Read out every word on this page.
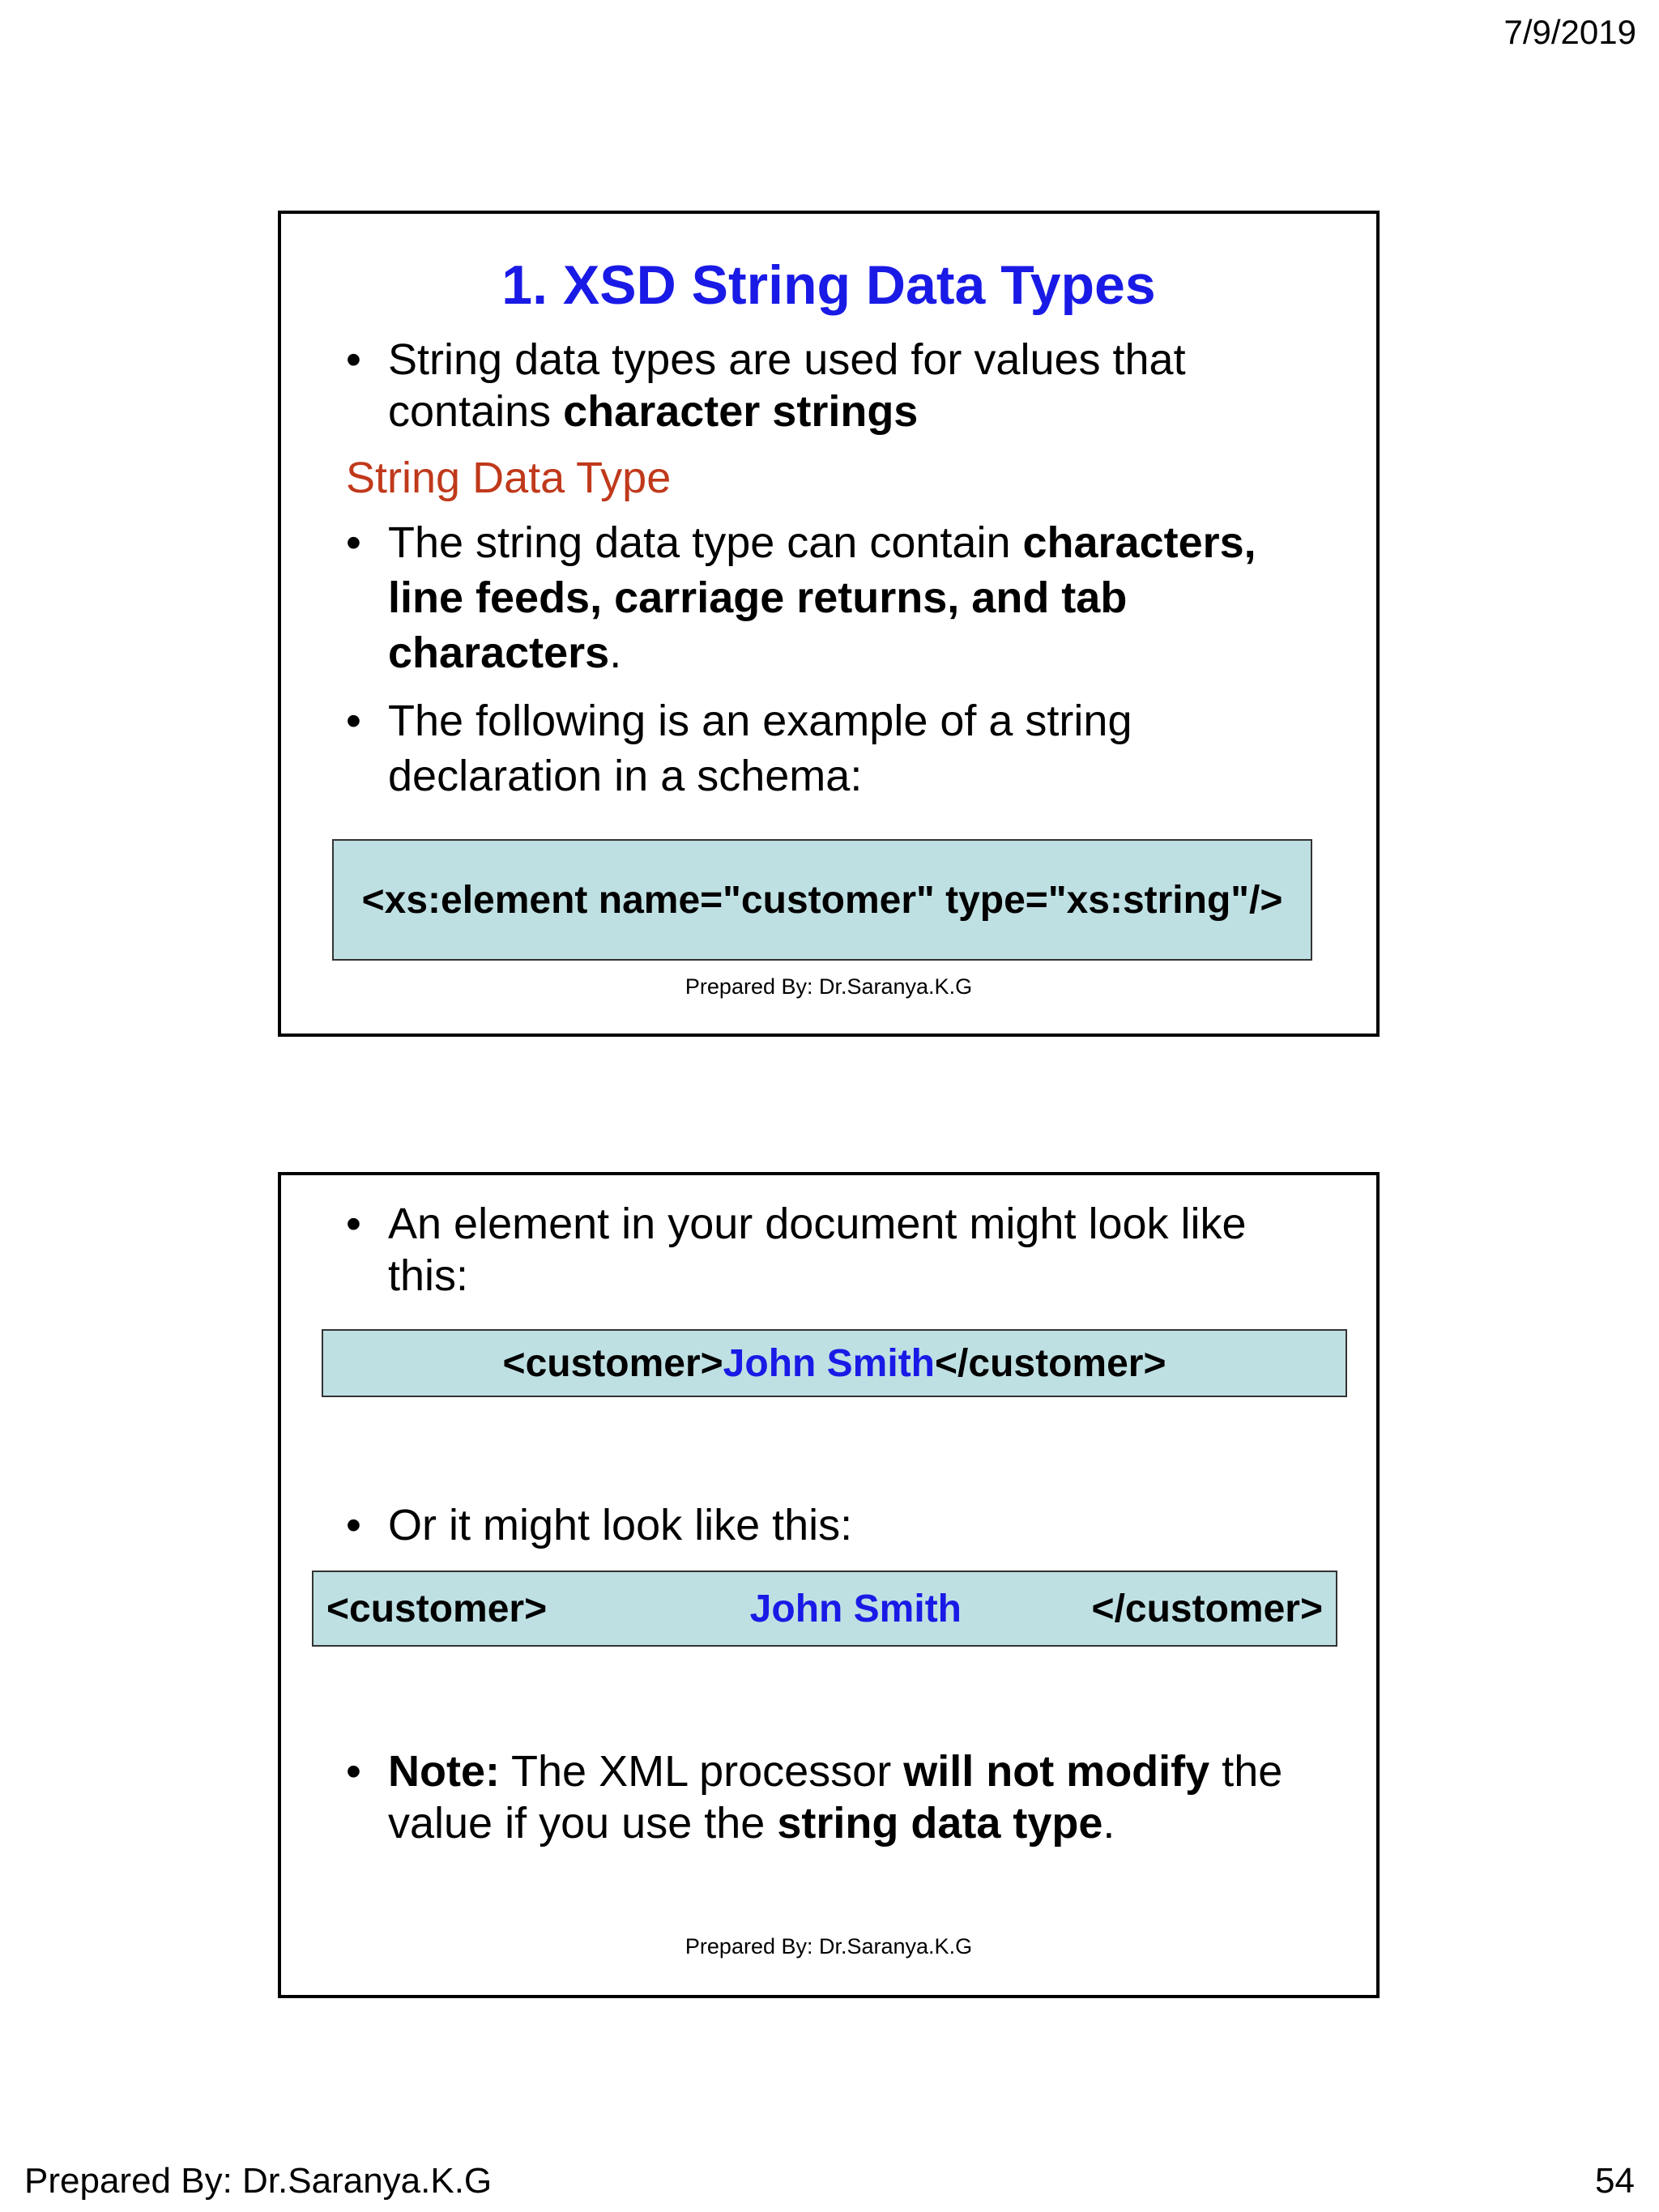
7/9/2019
1. XSD String Data Types
• String data types are used for values that contains character strings
String Data Type
• The string data type can contain characters, line feeds, carriage returns, and tab characters.
• The following is an example of a string declaration in a schema:
<xs:element name="customer" type="xs:string"/>
Prepared By: Dr.Saranya.K.G
• An element in your document might look like this:
<customer> John Smith </customer>
• Or it might look like this:
<customer>	John Smith	</customer>
• Note: The XML processor will not modify the value if you use the string data type.
Prepared By: Dr.Saranya.K.G
Prepared By: Dr.Saranya.K.G	54
